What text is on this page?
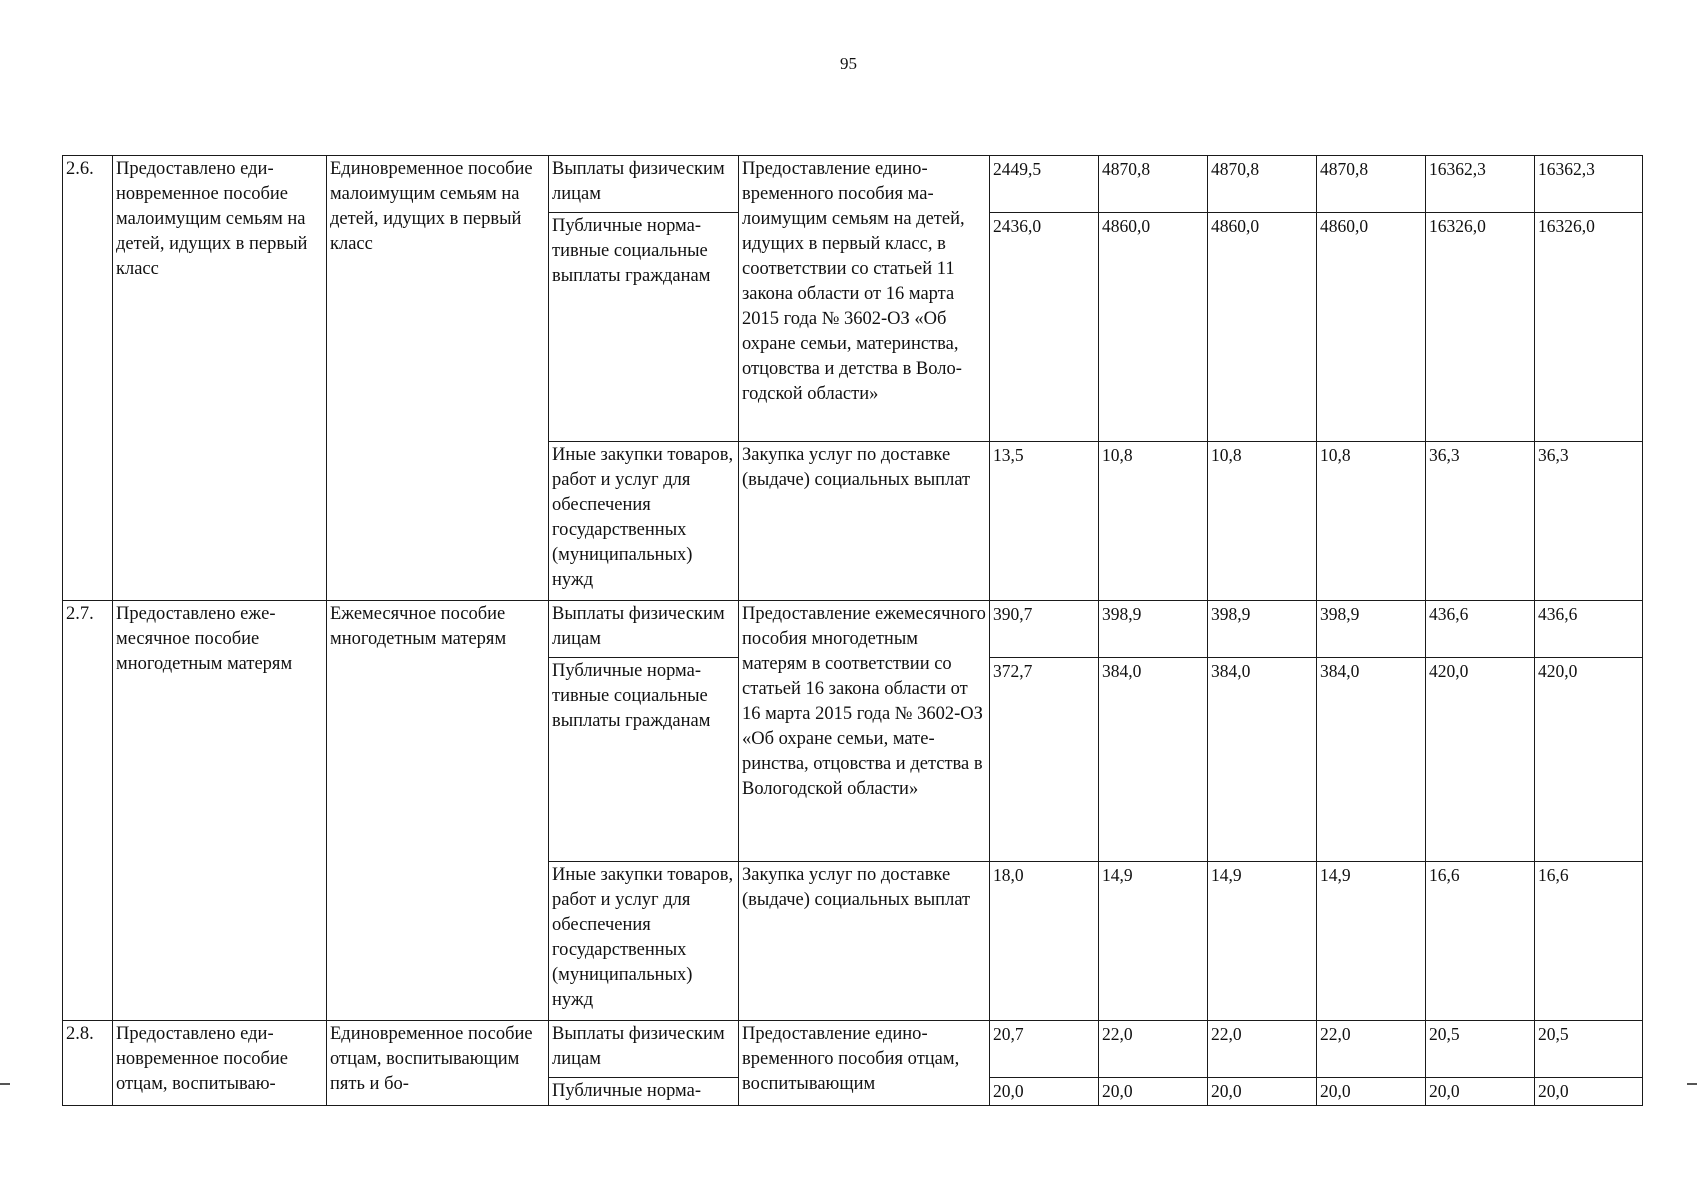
95
2.6.	Предоставлено единовременное пособие малоимущим семьям на детей, идущих в первый класс	Единовременное пособие малоимущим семьям на детей, идущих в первый класс	Выплаты физическим лицам	Предоставление единовременного пособия малоимущим семьям на детей, идущих в первый класс, в соответствии со статьей 11 закона области от 16 марта 2015 года № 3602-ОЗ «Об охране семьи, материнства, отцовства и детства в Вологодской области»	2449,5	4870,8	4870,8	4870,8	16362,3	16362,3
			Публичные нормативные социальные выплаты гражданам		2436,0	4860,0	4860,0	4860,0	16326,0	16326,0
			Иные закупки товаров, работ и услуг для обеспечения государственных (муниципальных) нужд	Закупка услуг по доставке (выдаче) социальных выплат	13,5	10,8	10,8	10,8	36,3	36,3
2.7.	Предоставлено ежeмесячное пособие многодетным матерям	Ежемесячное пособие многодетным матерям	Выплаты физическим лицам	Предоставление ежемесячного пособия многодетным матерям в соответствии со статьей 16 закона области от 16 марта 2015 года № 3602-ОЗ «Об охране семьи, материнства, отцовства и детства в Вологодской области»	390,7	398,9	398,9	398,9	436,6	436,6
			Публичные нормативные социальные выплаты гражданам		372,7	384,0	384,0	384,0	420,0	420,0
			Иные закупки товаров, работ и услуг для обеспечения государственных (муниципальных) нужд	Закупка услуг по доставке (выдаче) социальных выплат	18,0	14,9	14,9	14,9	16,6	16,6
2.8.	Предоставлено единовременное пособие отцам, воспитываю-	Единовременное пособие отцам, воспитывающим пять и бо-	Выплаты физическим лицам	Предоставление единовременного пособия отцам, воспитывающим	20,7	22,0	22,0	22,0	20,5	20,5
			Публичные норма-		20,0	20,0	20,0	20,0	20,0	20,0
